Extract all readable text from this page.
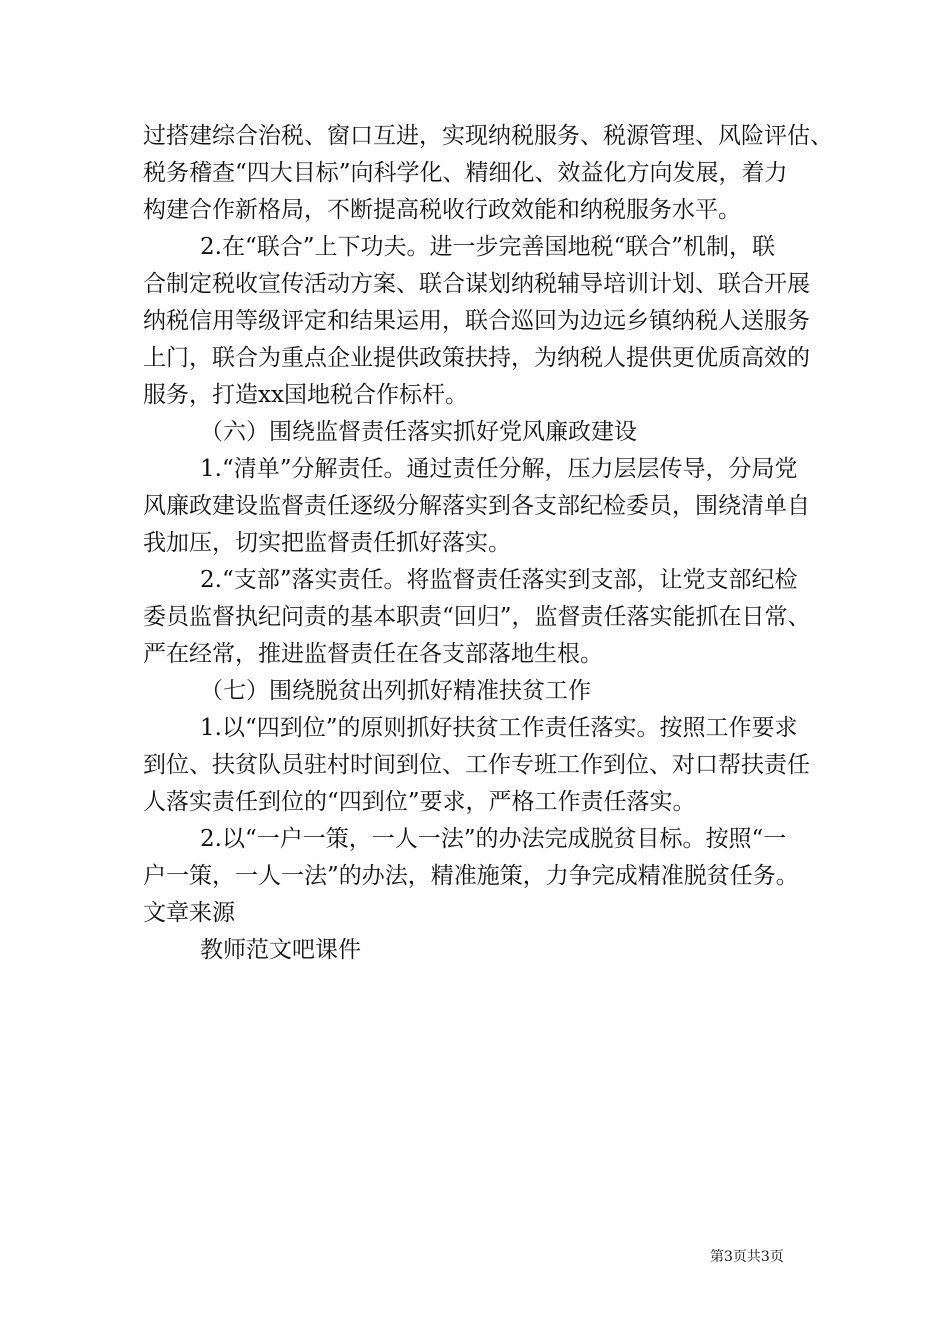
过搭建综合治税、窗口互进，实现纳税服务、税源管理、风险评估、
税务稽查“四大目标”向科学化、精细化、效益化方向发展，着力
构建合作新格局，不断提高税收行政效能和纳税服务水平。
2.在“联合”上下功夫。进一步完善国地税“联合”机制，联
合制定税收宣传活动方案、联合谋划纳税辅导培训计划、联合开展
纳税信用等级评定和结果运用，联合巡回为边远乡镇纳税人送服务
上门，联合为重点企业提供政策扶持，为纳税人提供更优质高效的
服务，打造xx国地税合作标杆。
（六）围绕监督责任落实抓好党风廉政建设
1.“清单”分解责任。通过责任分解，压力层层传导，分局党
风廉政建设监督责任逐级分解落实到各支部纪检委员，围绕清单自
我加压，切实把监督责任抓好落实。
2.“支部”落实责任。将监督责任落实到支部，让党支部纪检
委员监督执纪问责的基本职责“回归”，监督责任落实能抓在日常、
严在经常，推进监督责任在各支部落地生根。
（七）围绕脱贫出列抓好精准扶贫工作
1.以“四到位”的原则抓好扶贫工作责任落实。按照工作要求
到位、扶贫队员驻村时间到位、工作专班工作到位、对口帮扶责任
人落实责任到位的“四到位”要求，严格工作责任落实。
2.以“一户一策，一人一法”的办法完成脱贫目标。按照“一
户一策，一人一法”的办法，精准施策，力争完成精准脱贫任务。
文章来源
教师范文吧课件
第3页共3页
